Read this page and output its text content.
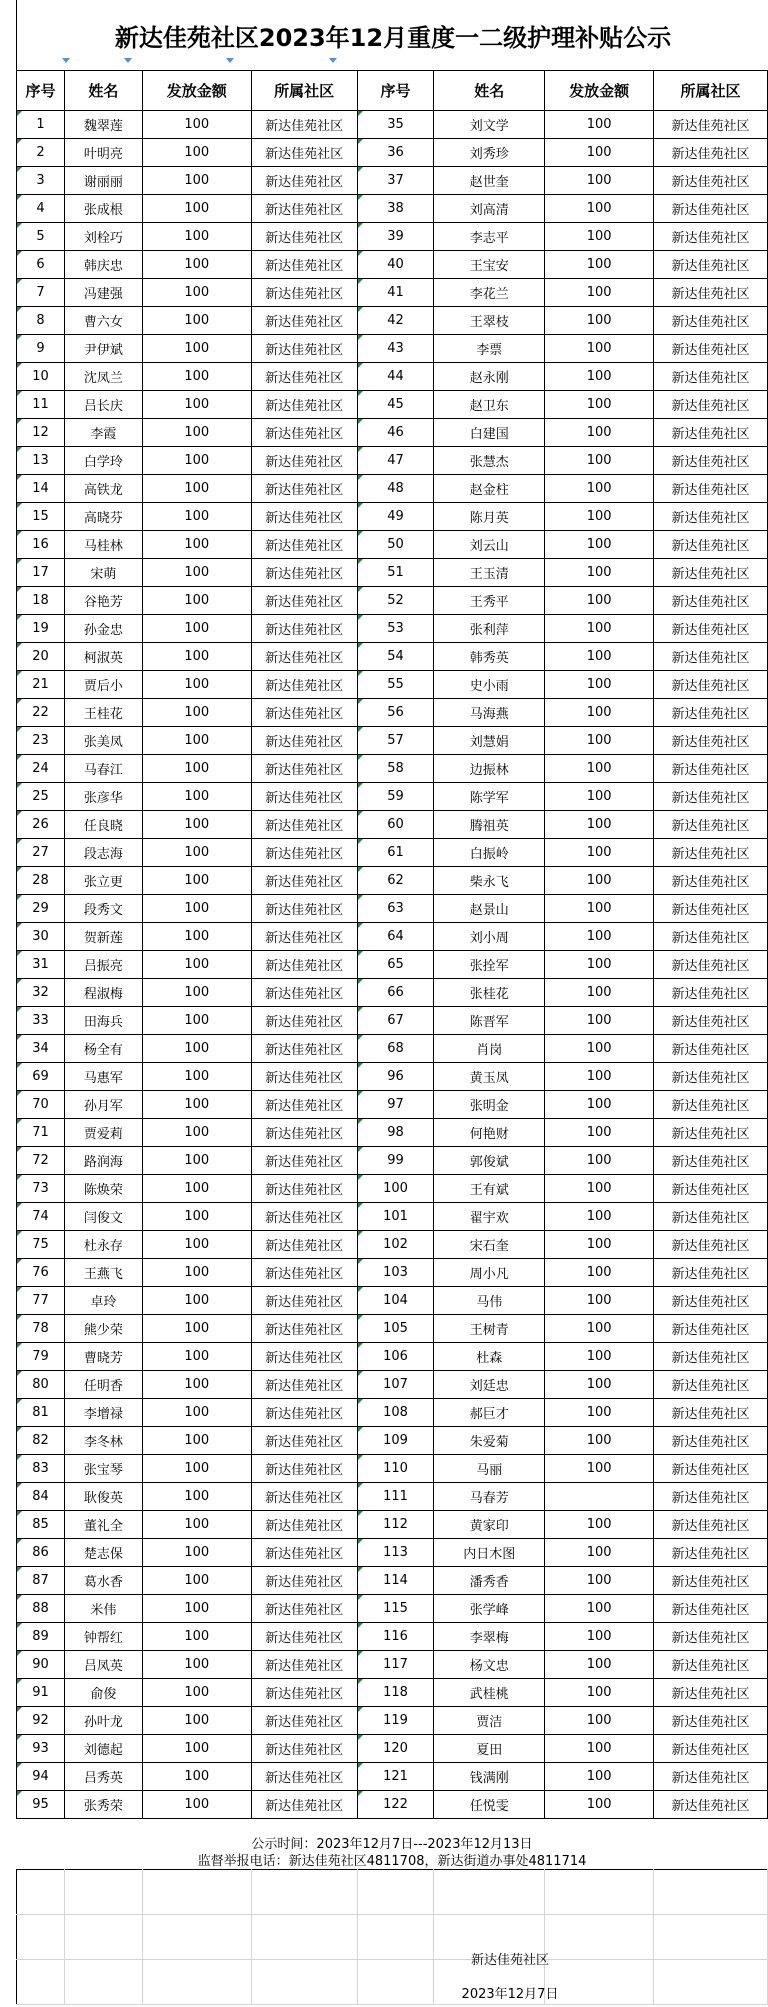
新达佳苑社区2023年12月重度一二级护理补贴公示
序号	姓名	发放金额	所属社区	序号	姓名	发放金额	所属社区
1	魏翠莲	100	新达佳苑社区	35	刘文学	100	新达佳苑社区
2	叶明亮	100	新达佳苑社区	36	刘秀珍	100	新达佳苑社区
3	谢丽丽	100	新达佳苑社区	37	赵世奎	100	新达佳苑社区
4	张成根	100	新达佳苑社区	38	刘高清	100	新达佳苑社区
5	刘栓巧	100	新达佳苑社区	39	李志平	100	新达佳苑社区
6	韩庆忠	100	新达佳苑社区	40	王宝安	100	新达佳苑社区
7	冯建强	100	新达佳苑社区	41	李花兰	100	新达佳苑社区
8	曹六女	100	新达佳苑社区	42	王翠枝	100	新达佳苑社区
9	尹伊斌	100	新达佳苑社区	43	李票	100	新达佳苑社区
10	沈凤兰	100	新达佳苑社区	44	赵永刚	100	新达佳苑社区
11	吕长庆	100	新达佳苑社区	45	赵卫东	100	新达佳苑社区
12	李霞	100	新达佳苑社区	46	白建国	100	新达佳苑社区
13	白学玲	100	新达佳苑社区	47	张慧杰	100	新达佳苑社区
14	高铁龙	100	新达佳苑社区	48	赵金柱	100	新达佳苑社区
15	高晓芬	100	新达佳苑社区	49	陈月英	100	新达佳苑社区
16	马桂林	100	新达佳苑社区	50	刘云山	100	新达佳苑社区
17	宋萌	100	新达佳苑社区	51	王玉清	100	新达佳苑社区
18	谷艳芳	100	新达佳苑社区	52	王秀平	100	新达佳苑社区
19	孙金忠	100	新达佳苑社区	53	张利萍	100	新达佳苑社区
20	柯淑英	100	新达佳苑社区	54	韩秀英	100	新达佳苑社区
21	贾后小	100	新达佳苑社区	55	史小雨	100	新达佳苑社区
22	王桂花	100	新达佳苑社区	56	马海燕	100	新达佳苑社区
23	张美凤	100	新达佳苑社区	57	刘慧娟	100	新达佳苑社区
24	马春江	100	新达佳苑社区	58	边振林	100	新达佳苑社区
25	张彦华	100	新达佳苑社区	59	陈学军	100	新达佳苑社区
26	任良晓	100	新达佳苑社区	60	腾祖英	100	新达佳苑社区
27	段志海	100	新达佳苑社区	61	白振岭	100	新达佳苑社区
28	张立更	100	新达佳苑社区	62	柴永飞	100	新达佳苑社区
29	段秀文	100	新达佳苑社区	63	赵景山	100	新达佳苑社区
30	贺新莲	100	新达佳苑社区	64	刘小周	100	新达佳苑社区
31	吕振亮	100	新达佳苑社区	65	张拴军	100	新达佳苑社区
32	程淑梅	100	新达佳苑社区	66	张桂花	100	新达佳苑社区
33	田海兵	100	新达佳苑社区	67	陈晋军	100	新达佳苑社区
34	杨全有	100	新达佳苑社区	68	肖岗	100	新达佳苑社区
69	马惠军	100	新达佳苑社区	96	黄玉凤	100	新达佳苑社区
70	孙月军	100	新达佳苑社区	97	张明金	100	新达佳苑社区
71	贾爱莉	100	新达佳苑社区	98	何艳财	100	新达佳苑社区
72	路润海	100	新达佳苑社区	99	郭俊斌	100	新达佳苑社区
73	陈焕荣	100	新达佳苑社区	100	王有斌	100	新达佳苑社区
74	闫俊文	100	新达佳苑社区	101	翟宇欢	100	新达佳苑社区
75	杜永存	100	新达佳苑社区	102	宋石奎	100	新达佳苑社区
76	王燕飞	100	新达佳苑社区	103	周小凡	100	新达佳苑社区
77	卓玲	100	新达佳苑社区	104	马伟	100	新达佳苑社区
78	熊少荣	100	新达佳苑社区	105	王树青	100	新达佳苑社区
79	曹晓芳	100	新达佳苑社区	106	杜森	100	新达佳苑社区
80	任明香	100	新达佳苑社区	107	刘廷忠	100	新达佳苑社区
81	李增禄	100	新达佳苑社区	108	郝巨才	100	新达佳苑社区
82	李冬林	100	新达佳苑社区	109	朱爱菊	100	新达佳苑社区
83	张宝琴	100	新达佳苑社区	110	马丽	100	新达佳苑社区
84	耿俊英	100	新达佳苑社区	111	马春芳		新达佳苑社区
85	董礼全	100	新达佳苑社区	112	黄家印	100	新达佳苑社区
86	楚志保	100	新达佳苑社区	113	内日木图	100	新达佳苑社区
87	葛水香	100	新达佳苑社区	114	潘秀香	100	新达佳苑社区
88	米伟	100	新达佳苑社区	115	张学峰	100	新达佳苑社区
89	钟帮红	100	新达佳苑社区	116	李翠梅	100	新达佳苑社区
90	吕凤英	100	新达佳苑社区	117	杨文忠	100	新达佳苑社区
91	俞俊	100	新达佳苑社区	118	武桂桃	100	新达佳苑社区
92	孙叶龙	100	新达佳苑社区	119	贾洁	100	新达佳苑社区
93	刘德起	100	新达佳苑社区	120	夏田	100	新达佳苑社区
94	吕秀英	100	新达佳苑社区	121	钱满刚	100	新达佳苑社区
95	张秀荣	100	新达佳苑社区	122	任悦雯	100	新达佳苑社区
公示时间：2023年12月7日---2023年12月13日
监督举报电话：新达佳苑社区4811708，新达街道办事处4811714

新达佳苑社区
2023年12月7日
